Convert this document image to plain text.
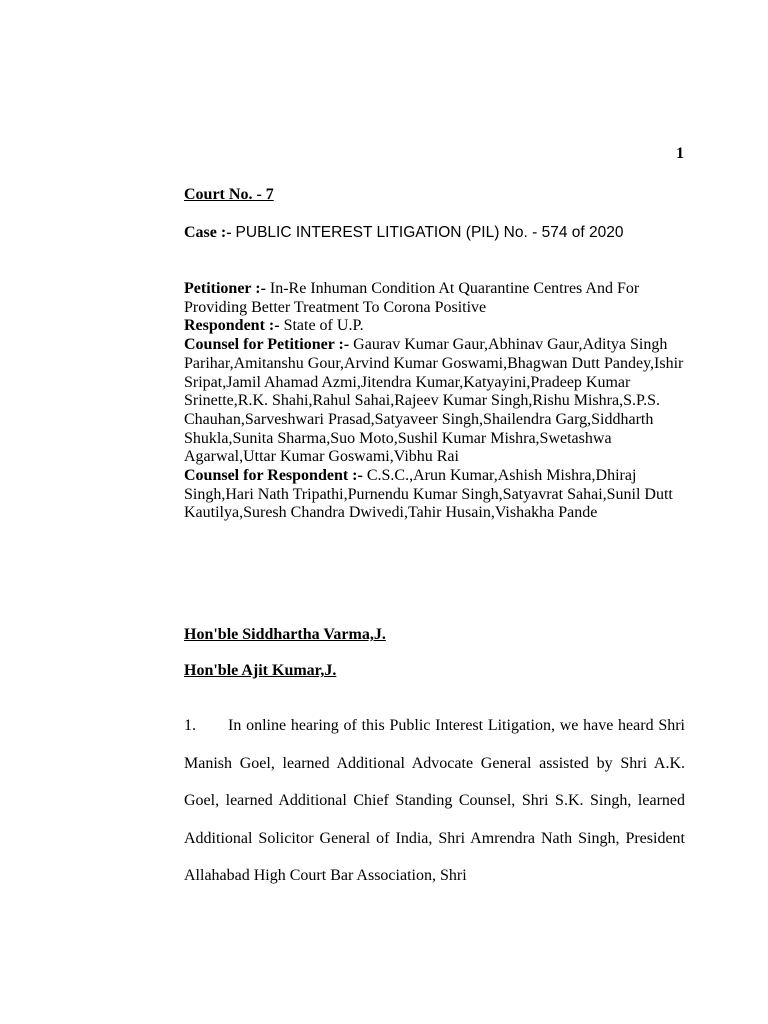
1
Court No. - 7
Case :- PUBLIC INTEREST LITIGATION (PIL) No. - 574 of 2020
Petitioner :- In-Re Inhuman Condition At Quarantine Centres And For Providing Better Treatment To Corona Positive
Respondent :- State of U.P.
Counsel for Petitioner :- Gaurav Kumar Gaur,Abhinav Gaur,Aditya Singh Parihar,Amitanshu Gour,Arvind Kumar Goswami,Bhagwan Dutt Pandey,Ishir Sripat,Jamil Ahamad Azmi,Jitendra Kumar,Katyayini,Pradeep Kumar Srinette,R.K. Shahi,Rahul Sahai,Rajeev Kumar Singh,Rishu Mishra,S.P.S. Chauhan,Sarveshwari Prasad,Satyaveer Singh,Shailendra Garg,Siddharth Shukla,Sunita Sharma,Suo Moto,Sushil Kumar Mishra,Swetashwa Agarwal,Uttar Kumar Goswami,Vibhu Rai
Counsel for Respondent :- C.S.C.,Arun Kumar,Ashish Mishra,Dhiraj Singh,Hari Nath Tripathi,Purnendu Kumar Singh,Satyavrat Sahai,Sunil Dutt Kautilya,Suresh Chandra Dwivedi,Tahir Husain,Vishakha Pande
Hon'ble Siddhartha Varma,J.
Hon'ble Ajit Kumar,J.
1. In online hearing of this Public Interest Litigation, we have heard Shri Manish Goel, learned Additional Advocate General assisted by Shri A.K. Goel, learned Additional Chief Standing Counsel, Shri S.K. Singh, learned Additional Solicitor General of India, Shri Amrendra Nath Singh, President Allahabad High Court Bar Association, Shri
